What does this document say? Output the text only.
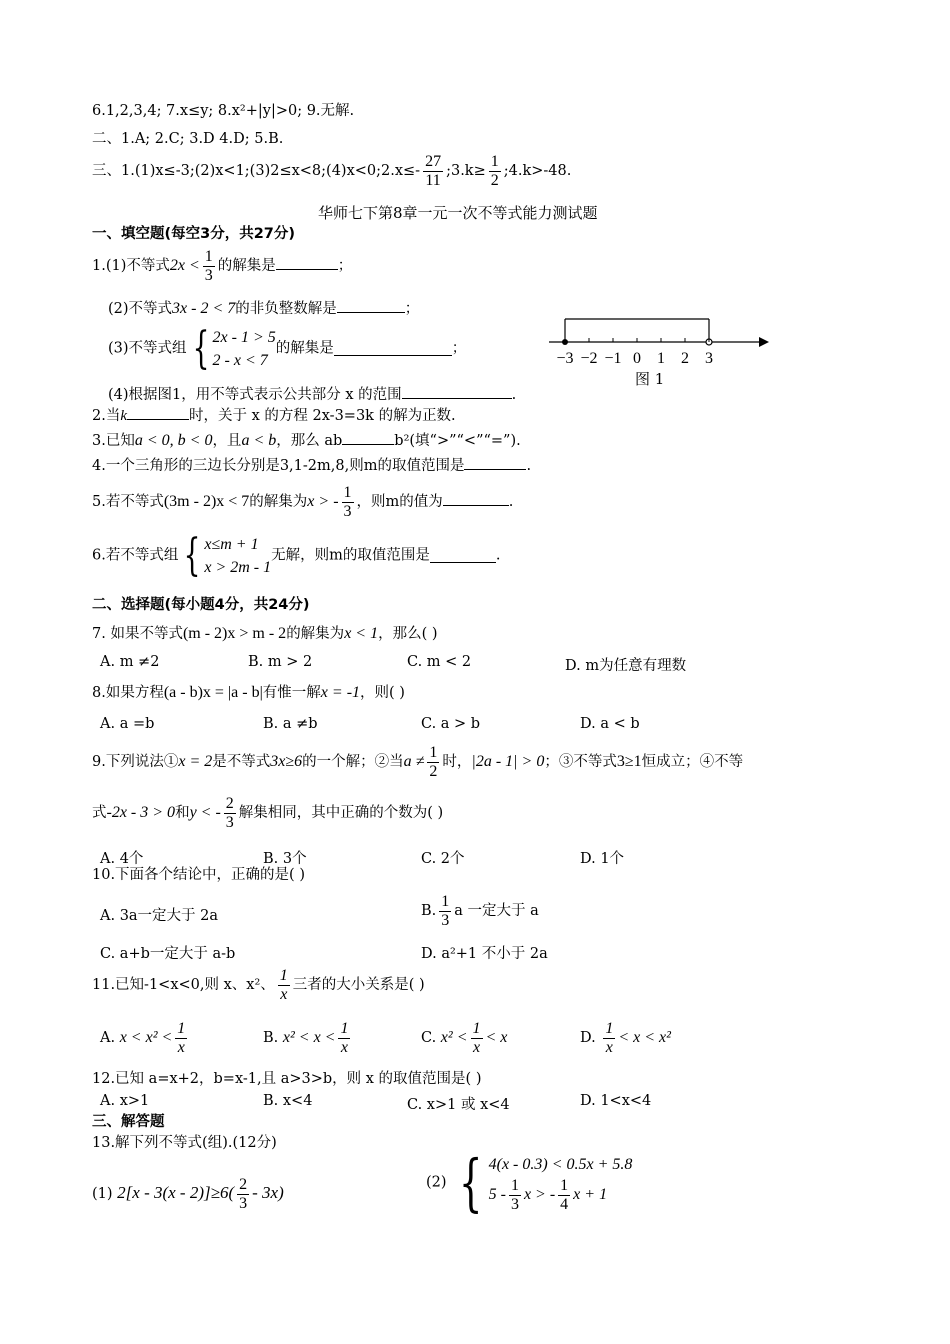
6.1,2,3,4; 7.x≤y; 8.x²+|y|>0; 9.无解.
二、1.A; 2.C; 3.D 4.D; 5.B.
三、1.(1)x≤-3;(2)x<1;(3)2≤x<8;(4)x<0;2.x≤- $\frac{27}{11}$ ;3.k≥ $\frac{1}{2}$ ;4.k>-48.
华师七下第8章一元一次不等式能力测试题
一、填空题(每空3分，共27分)
1.(1)不等式$2x < \frac{1}{3}$ 的解集是	；
(2)不等式3x - 2 < 7的非负整数解是	；
(3)不等式组 { 2x - 1 > 5
2 - x < 7
的解集是	；
−3 −2 −1 0 1 2 3
图 1
(4)根据图1，用不等式表示公共部分 x 的范围	.
2.当k	时，关于 x 的方程 2x-3=3k 的解为正数.
3.已知a < 0, b < 0，且a < b，那么 ab	b²(填“>”“<”“=”).
4.一个三角形的三边长分别是3,1-2m,8,则m的取值范围是	.
5.若不等式(3m - 2)x < 7的解集为x > - $\frac{1}{3}$ ，则m的值为	.
6.若不等式组 { x≤m + 1
x > 2m - 1
无解，则m的取值范围是	.
二、选择题(每小题4分，共24分)
7. 如果不等式(m - 2)x > m - 2的解集为x < 1，那么( )
A. m ≠2	B. m > 2	C. m < 2	D. m为任意有理数
8.如果方程(a - b)x = |a - b|有惟一解x = -1，则( )
A. a =b	B. a ≠b	C. a > b	D. a < b
9.下列说法①x = 2是不等式3x≥6的一个解；②当$a \ne \frac{1}{2}$ 时，|2a - 1| > 0；③不等式3≥1恒成立；④不等
式-2x - 3 > 0和y < - $\frac{2}{3}$ 解集相同，其中正确的个数为( )
A. 4个	B. 3个	C. 2个	D. 1个
10.下面各个结论中，正确的是( )
A. 3a一定大于 2a	B. $\frac{1}{3}$ a 一定大于 a
C. a+b一定大于 a-b	D. a²+1 不小于 2a
11.已知-1<x<0,则 x、x²、 $\frac{1}{x}$ 三者的大小关系是( )
A. $x < x^2 < \frac{1}{x}$	B. $x^2 < x < \frac{1}{x}$	C. $x^2 < \frac{1}{x} < x$	D. $\frac{1}{x} < x < x^2$
12.已知 a=x+2，b=x-1,且 a>3>b，则 x 的取值范围是( )
A. x>1	B. x<4	C. x>1 或 x<4	D. 1<x<4
三、解答题
13.解下列不等式(组).(12分)
(1) $2[x - 3(x - 2)]\ge 6( \frac{2}{3} - 3x)$
(2) { 4(x - 0.3) < 0.5x + 5.8
$5 - \frac{1}{3}$ x > - $\frac{1}{4}$ x + 1
